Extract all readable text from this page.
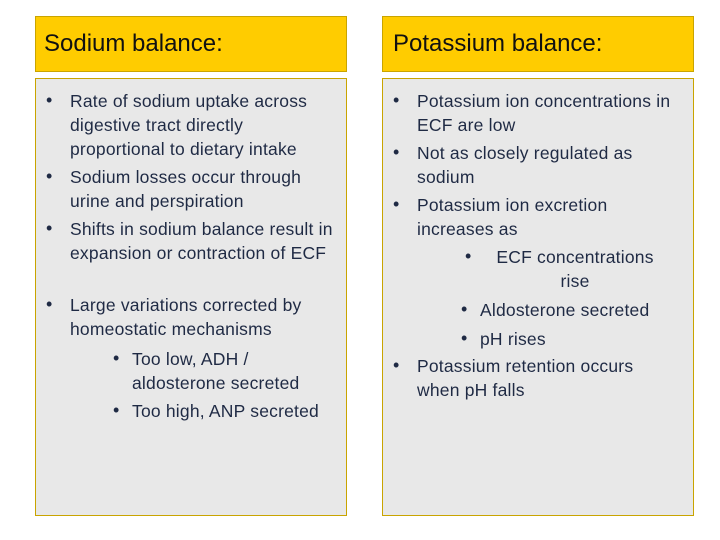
Sodium balance:
• Rate of sodium uptake across digestive tract directly proportional to dietary intake
• Sodium losses occur through urine and perspiration
• Shifts in sodium balance result in expansion or contraction of ECF
• Large variations corrected by homeostatic mechanisms
• Too low, ADH / aldosterone secreted
• Too high, ANP secreted
Potassium balance:
• Potassium ion concentrations in ECF are low
• Not as closely regulated as sodium
• Potassium ion excretion increases as
• ECF concentrations rise
• Aldosterone secreted
• pH rises
• Potassium retention occurs when pH falls
